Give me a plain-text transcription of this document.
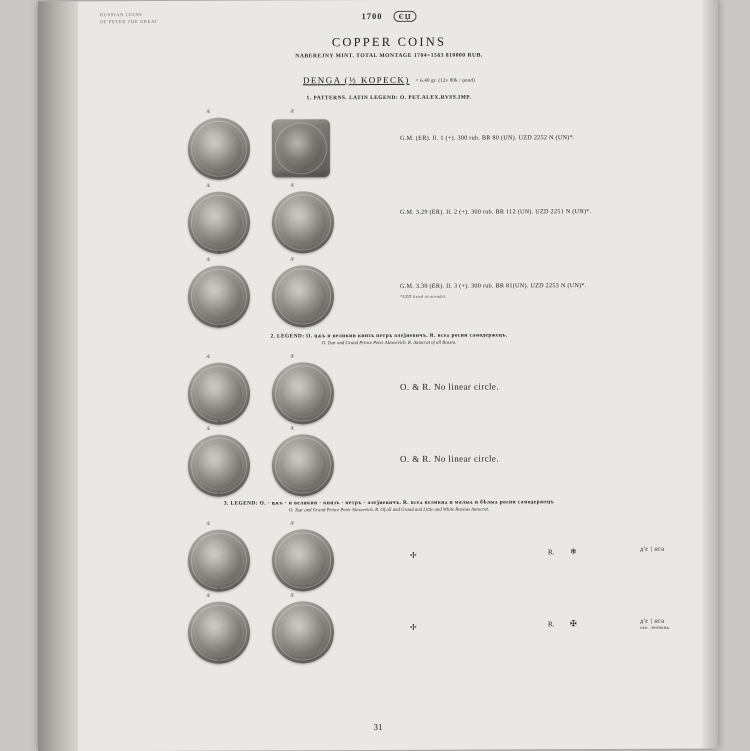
RUSSIAN COINS
OF PETER THE GREAT
1700 ЄЏ
COPPER COINS
NABEREJNY MINT. TOTAL MONTAGE 1704=1563 810000 RUB.
DENGA (½ KOPECK) = 6.40 gr. (12v 80k / pood)
1. PATTERNS. LATIN LEGEND: O. PET.ALEX.RVSS.IMP.
Æ	Æ
1
G.M. (ER). Il. 1 (+). 300 rub. BR 80 (UN). UZD 2252 N (UN)*.
Æ	Æ
2
G.M. 3.29 (ER). Il. 2 (+). 300 rub. BR 112 (UN). UZD 2251 N (UN)*.
Æ	Æ
3
G.M. 3.30 (ER). Il. 3 (+). 300 rub. BR 81(UN). UZD 2253 N (UN)*.
*UZD listed as novodel.
2. LEGEND: O. цѫъ и великии книзъ петръ алеѯиевичъ. R. всеѧ росии самодержецъ.
O. Tsar and Grand Prince Peter Alexeevich. R. Autocrat of all Russia.
Æ	Æ
4
O. & R. No linear circle.
Æ	Æ
5
O. & R. No linear circle.
3. LEGEND: O. · цѫъ · и великии · книзъ · петръ · алеѯиевичъ. R. всеѧ великиѧ и малыѧ и бѣлыѧ росии самодержецъ
O. Tsar and Grand Prince Peter Alexeevich. R. Of all and Grand and Little and White Russias Autocrat.
Æ	Æ
6
✢	R. ❄	д'є | нгa
Æ	Æ
7
✢	R. ✠	д'є | нгa
саѳ· .великиѧ.
31
